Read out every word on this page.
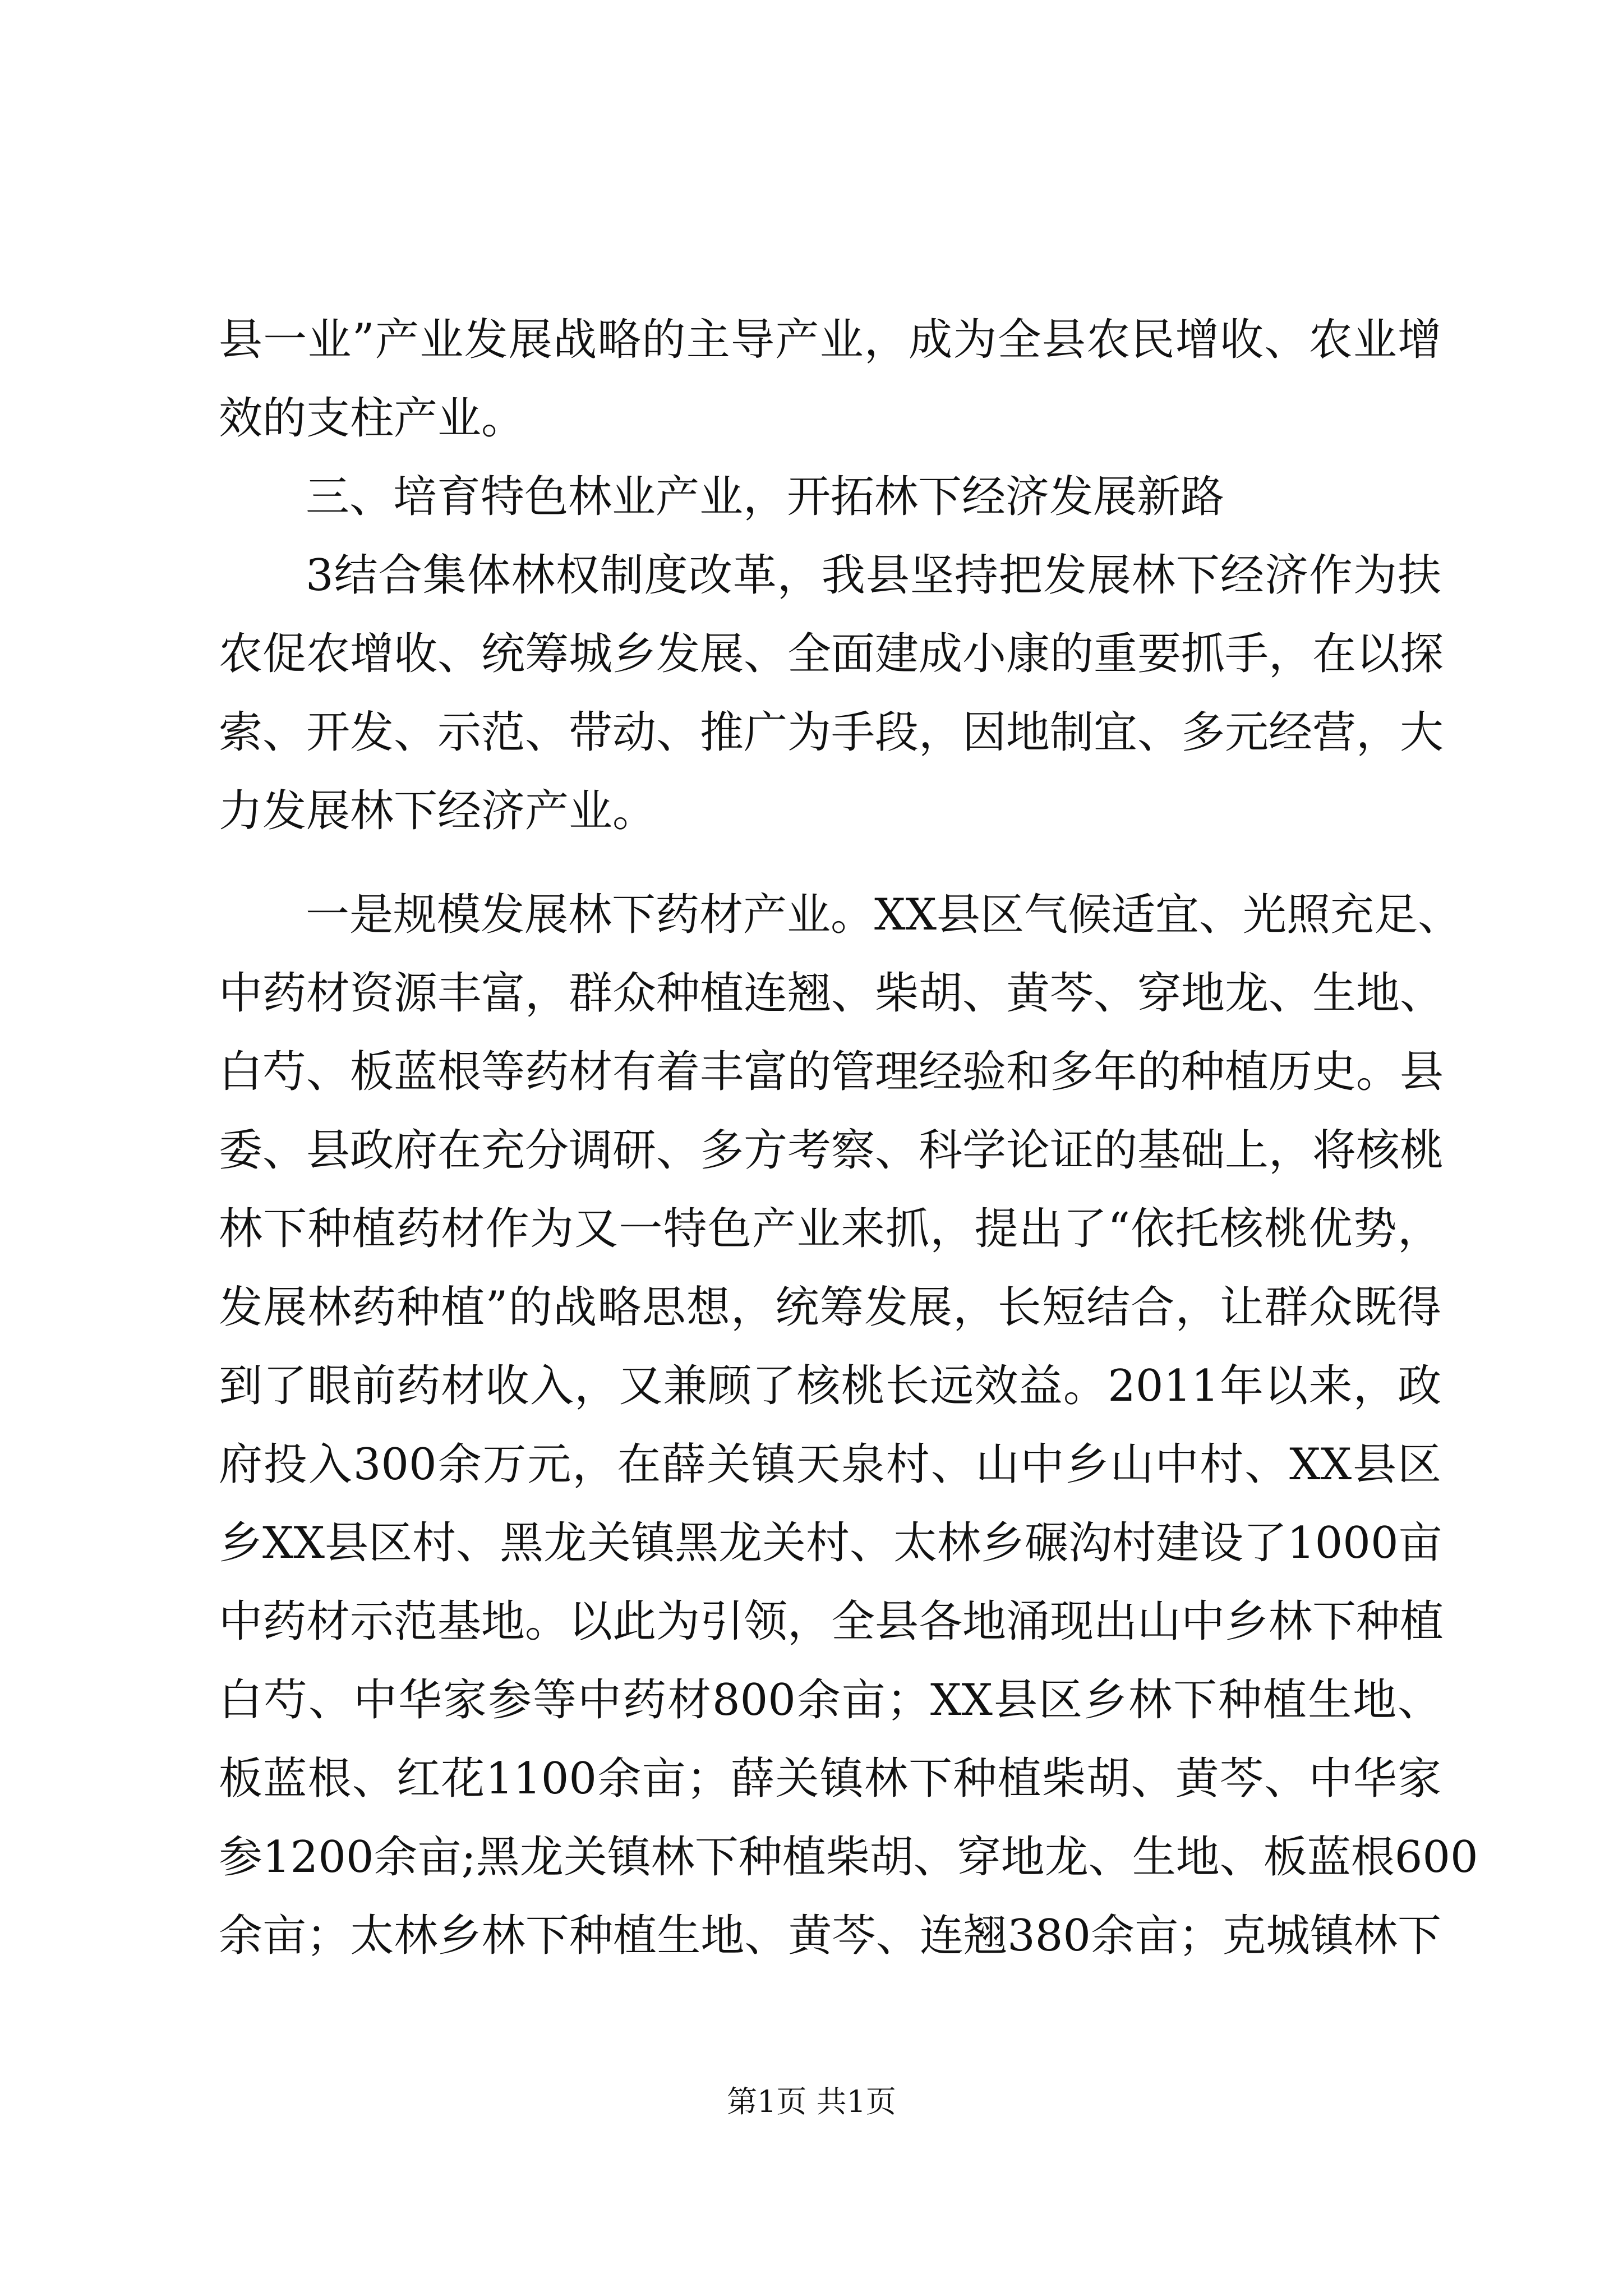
县一业”产业发展战略的主导产业，成为全县农民增收、农业增
效的支柱产业。
三、培育特色林业产业，开拓林下经济发展新路
3结合集体林权制度改革，我县坚持把发展林下经济作为扶
农促农增收、统筹城乡发展、全面建成小康的重要抓手，在以探
索、开发、示范、带动、推广为手段，因地制宜、多元经营，大
力发展林下经济产业。
一是规模发展林下药材产业。XX县区气候适宜、光照充足、
中药材资源丰富，群众种植连翘、柴胡、黄芩、穿地龙、生地、
白芍、板蓝根等药材有着丰富的管理经验和多年的种植历史。县
委、县政府在充分调研、多方考察、科学论证的基础上，将核桃
林下种植药材作为又一特色产业来抓，提出了“依托核桃优势，
发展林药种植”的战略思想，统筹发展，长短结合，让群众既得
到了眼前药材收入，又兼顾了核桃长远效益。2011年以来，政
府投入300余万元，在薛关镇天泉村、山中乡山中村、XX县区
乡XX县区村、黑龙关镇黑龙关村、太林乡碾沟村建设了1000亩
中药材示范基地。以此为引领，全县各地涌现出山中乡林下种植
白芍、中华家参等中药材800余亩；XX县区乡林下种植生地、
板蓝根、红花1100余亩；薛关镇林下种植柴胡、黄芩、中华家
参1200余亩;黑龙关镇林下种植柴胡、穿地龙、生地、板蓝根600
余亩；太林乡林下种植生地、黄芩、连翘380余亩；克城镇林下
第1页 共1页
